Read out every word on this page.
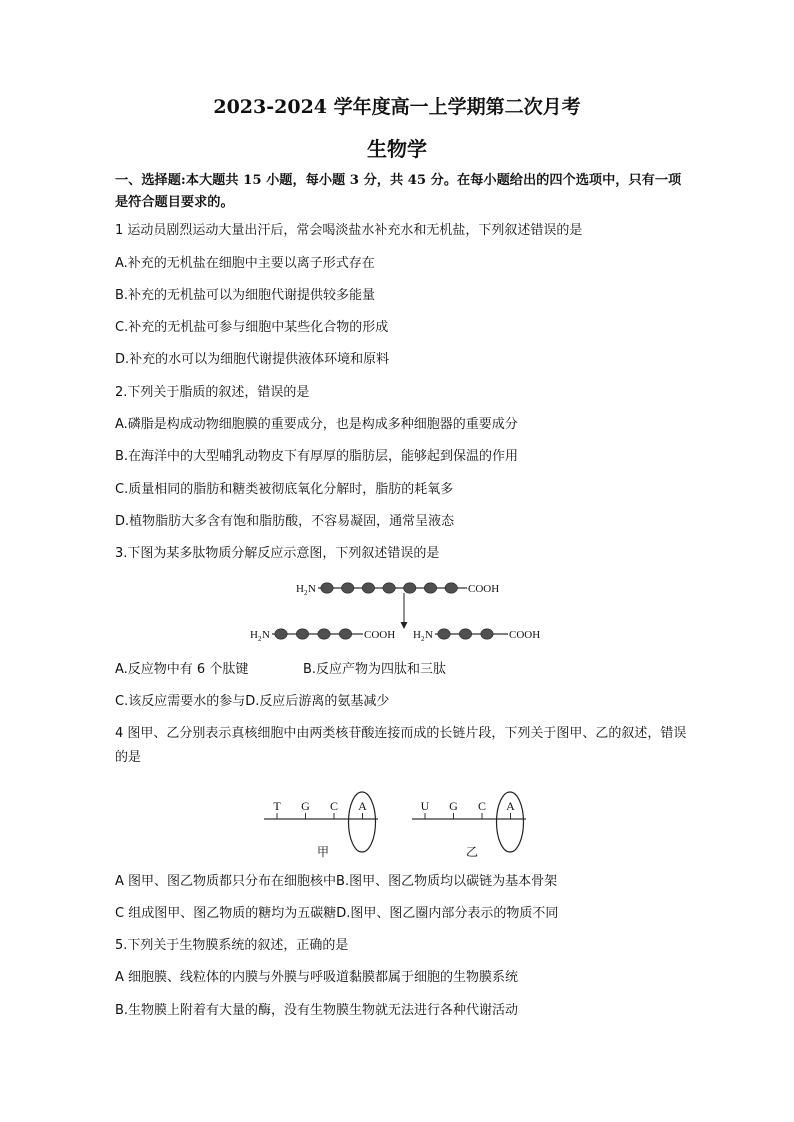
2023-2024 学年度高一上学期第二次月考
生物学
一、选择题:本大题共 15 小题，每小题 3 分，共 45 分。在每小题给出的四个选项中，只有一项是符合题目要求的。
1 运动员剧烈运动大量出汗后，常会喝淡盐水补充水和无机盐，下列叙述错误的是
A.补充的无机盐在细胞中主要以离子形式存在
B.补充的无机盐可以为细胞代谢提供较多能量
C.补充的无机盐可参与细胞中某些化合物的形成
D.补充的水可以为细胞代谢提供液体环境和原料
2.下列关于脂质的叙述，错误的是
A.磷脂是构成动物细胞膜的重要成分，也是构成多种细胞器的重要成分
B.在海洋中的大型哺乳动物皮下有厚厚的脂肪层，能够起到保温的作用
C.质量相同的脂肪和糖类被彻底氧化分解时，脂肪的耗氧多
D.植物脂肪大多含有饱和脂肪酸，不容易凝固，通常呈液态
3.下图为某多肽物质分解反应示意图，下列叙述错误的是
H 2 N	COOH
H 2 N	COOH H 2 N	COOH
A.反应物中有 6 个肽键	B.反应产物为四肽和三肽
C.该反应需要水的参与D.反应后游离的氨基减少
4 图甲、乙分别表示真核细胞中由两类核苷酸连接而成的长链片段，下列关于图甲、乙的叙述，错误的是
T G C A
甲
U G C A
乙
A 图甲、图乙物质都只分布在细胞核中B.图甲、图乙物质均以碳链为基本骨架
C 组成图甲、图乙物质的糖均为五碳糖D.图甲、图乙圈内部分表示的物质不同
5.下列关于生物膜系统的叙述，正确的是
A 细胞膜、线粒体的内膜与外膜与呼吸道黏膜都属于细胞的生物膜系统
B.生物膜上附着有大量的酶，没有生物膜生物就无法进行各种代谢活动
